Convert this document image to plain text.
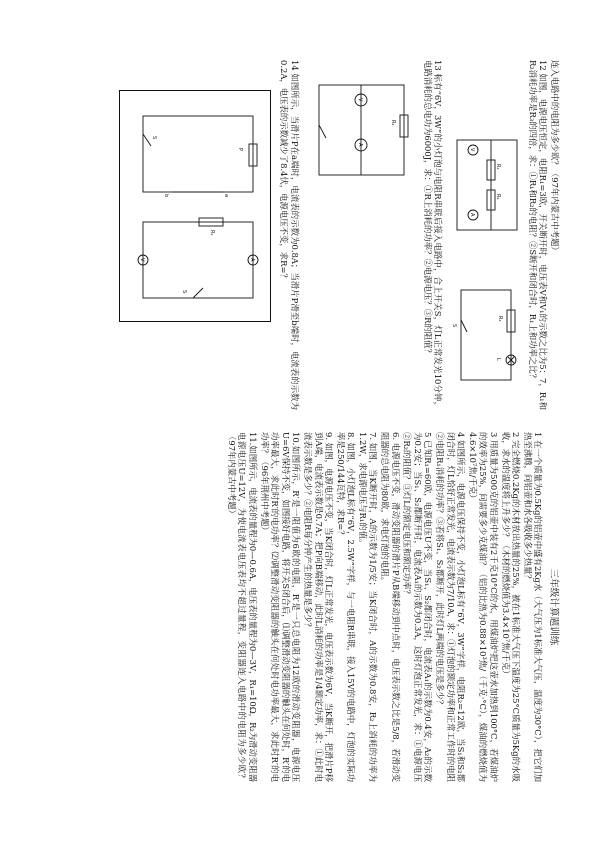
连入电路中的电阻为多少欧？（97年内蒙古中考题）

12 如图，电源电压恒定，电阻R₁=3欧，开关断开时，电压表V和V₁的示数之比为5：7，R₁和R₂消耗功率是R₃的四倍，求：①R₁和R₂的电阻？②S断开和闭合时，R₁上和功率之比？

V
A
R₁
R₂
R₁
L
S

13 标有“6V，3W”的小灯泡与电阻R串联后接入电路中，合上开关S，灯L正常发光10分钟，电路消耗的总电功为6000J，求：①R上消耗的功率？②电源电压？③R的阻值？

V
A
R₂

14 如图所示，当滑片P在a端时，电流表的示数为0.8A；当滑片P滑至b端时，电流表的示数为0.2A，电压表的示数减少了8.4伏，电源电压不变，求R=？

A
V
R₁
S
P
a
b
S
三年级计算题训练

1 在一个质量为0.5Kg的铝壶中盛有2Kg水（大气压为1标准大气压，温度为30°C），把它们加热至沸腾，问铝壶和水各吸收多少热量？

2 完全燃烧0.2Kg的木材放出热量的25%，被在1标准大气压下温度为25°C质量为5Kg的水吸收，求水的温度将上升多少？（木材的燃烧值为3.4×10⁷焦/千克）

3 用质量为500克的铝壶中装有2千克10°C的水，用煤油炉把这壶水加热到100°C，若煤油炉的效率为25%，问需要多少克煤油？（铝的比热为0.88×10³焦/（千克·°C），煤油的燃烧值为4.6×10⁷焦/千克）

4 如图所示，电源电压保持不变，小灯泡L标有“6V，3W”字样，电阻R₂=12欧，当S₁和S₂都闭合时，灯L恰好正常发光，电流表示数为7/10A，求：①灯泡的额定功率和正常工作时的电阻 ②电阻R₁消耗的功率？③若将S₁、S₂都断开，此时灯L两端的电压是多少？

5 已知R₁=60欧，电源电压U不变，当S₁、S₂都闭合时，电流表A₁的示数为0.4安，A₂的示数为0.2安；当S₁、S₂都断开时，电流表A₁的示数为0.3A，这时灯泡正常发光，求：①电源电压②R₂的阻值？③灯L的额定电压和额定功率？

6. 电源电压不变，滑动变阻器的滑片P从B端移动到中点时，电压表示数之比是5/8，若滑动变阻器的总电阻为80欧，求电灯泡的电阻。

7. 如图，当K断开时，A的示数为1/5安；当K闭合时，A的示数为0.8安，R₂上消耗的功率为1.2W，求电源电压与R₁的值。

8. 如图，小灯泡L标有“6V，2.5W”字样，与一电阻R串联，接入15V的电路中，灯泡的实际功率是250/144瓦特，求R=？

9. 如图，电源电压不变，当K闭合时，灯L正常发光，电压表示数为6V，当K断开，把滑片P移到A端，电流表示数是0.7A；把P向B端移动，此时L消耗的功率是1/4额定功率，求：①此时电流表示数是多少？②电阻R每分钟产生的热量是多少？

10.如图所示，R′是一阻值为6欧的电阻，R′是一只总电阻为12欧的滑动变阻器，电源电压U=6V保持不变，如图接好电路，将开关S闭合后，⑴调整滑动变阻器的触头在何处时，R′的电功率最大，求此时R′的电功率？⑵调整滑动变阻器的触头在何处时电功率最大，求此时R′的电功率？（96年荆州中考题）

11.如图所示，电流表的量程为0—0.6A，电压表的量程为0—3V，R₁=10Ω，R₂为滑动变阻器电源电压U=12V，为使电流表电压表均不超过量程，变阻器连入电路中的电阻为多少欧？（97年内蒙古中考题）
